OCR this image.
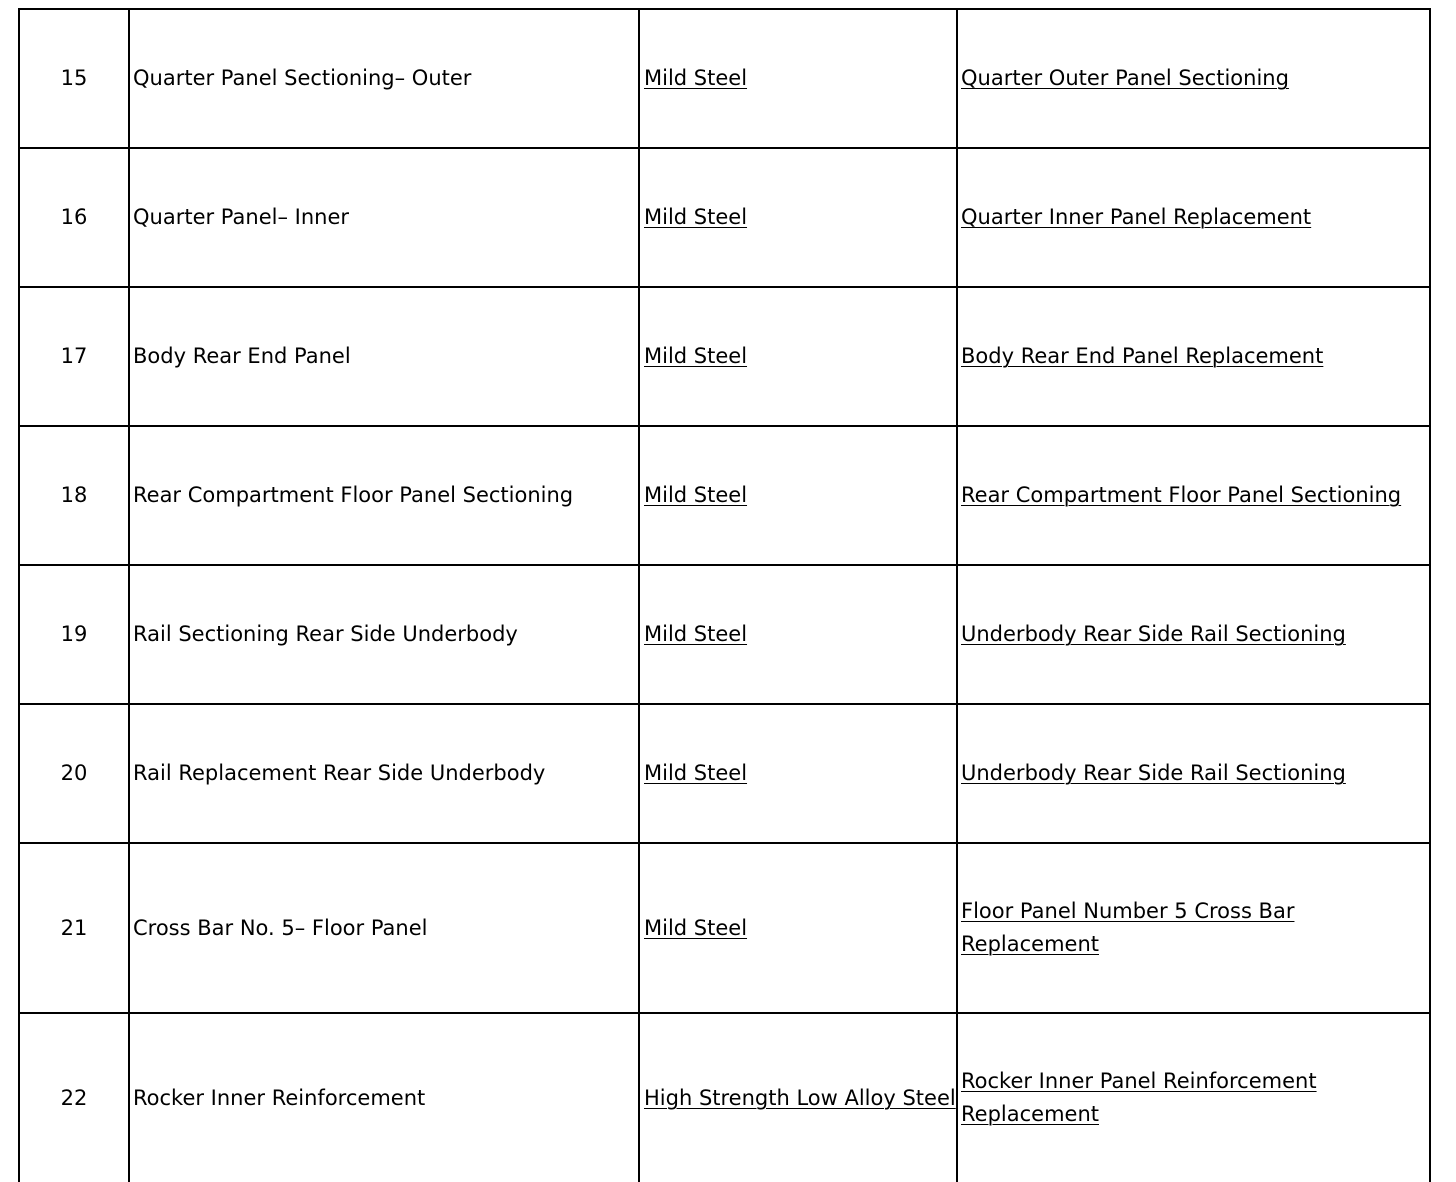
15	Quarter Panel Sectioning– Outer	Mild Steel	Quarter Outer Panel Sectioning
16	Quarter Panel– Inner	Mild Steel	Quarter Inner Panel Replacement
17	Body Rear End Panel	Mild Steel	Body Rear End Panel Replacement
18	Rear Compartment Floor Panel Sectioning	Mild Steel	Rear Compartment Floor Panel Sectioning
19	Rail Sectioning Rear Side Underbody	Mild Steel	Underbody Rear Side Rail Sectioning
20	Rail Replacement Rear Side Underbody	Mild Steel	Underbody Rear Side Rail Sectioning
21	Cross Bar No. 5– Floor Panel	Mild Steel	Floor Panel Number 5 Cross Bar Replacement
22	Rocker Inner Reinforcement	High Strength Low Alloy Steel	Rocker Inner Panel Reinforcement Replacement
